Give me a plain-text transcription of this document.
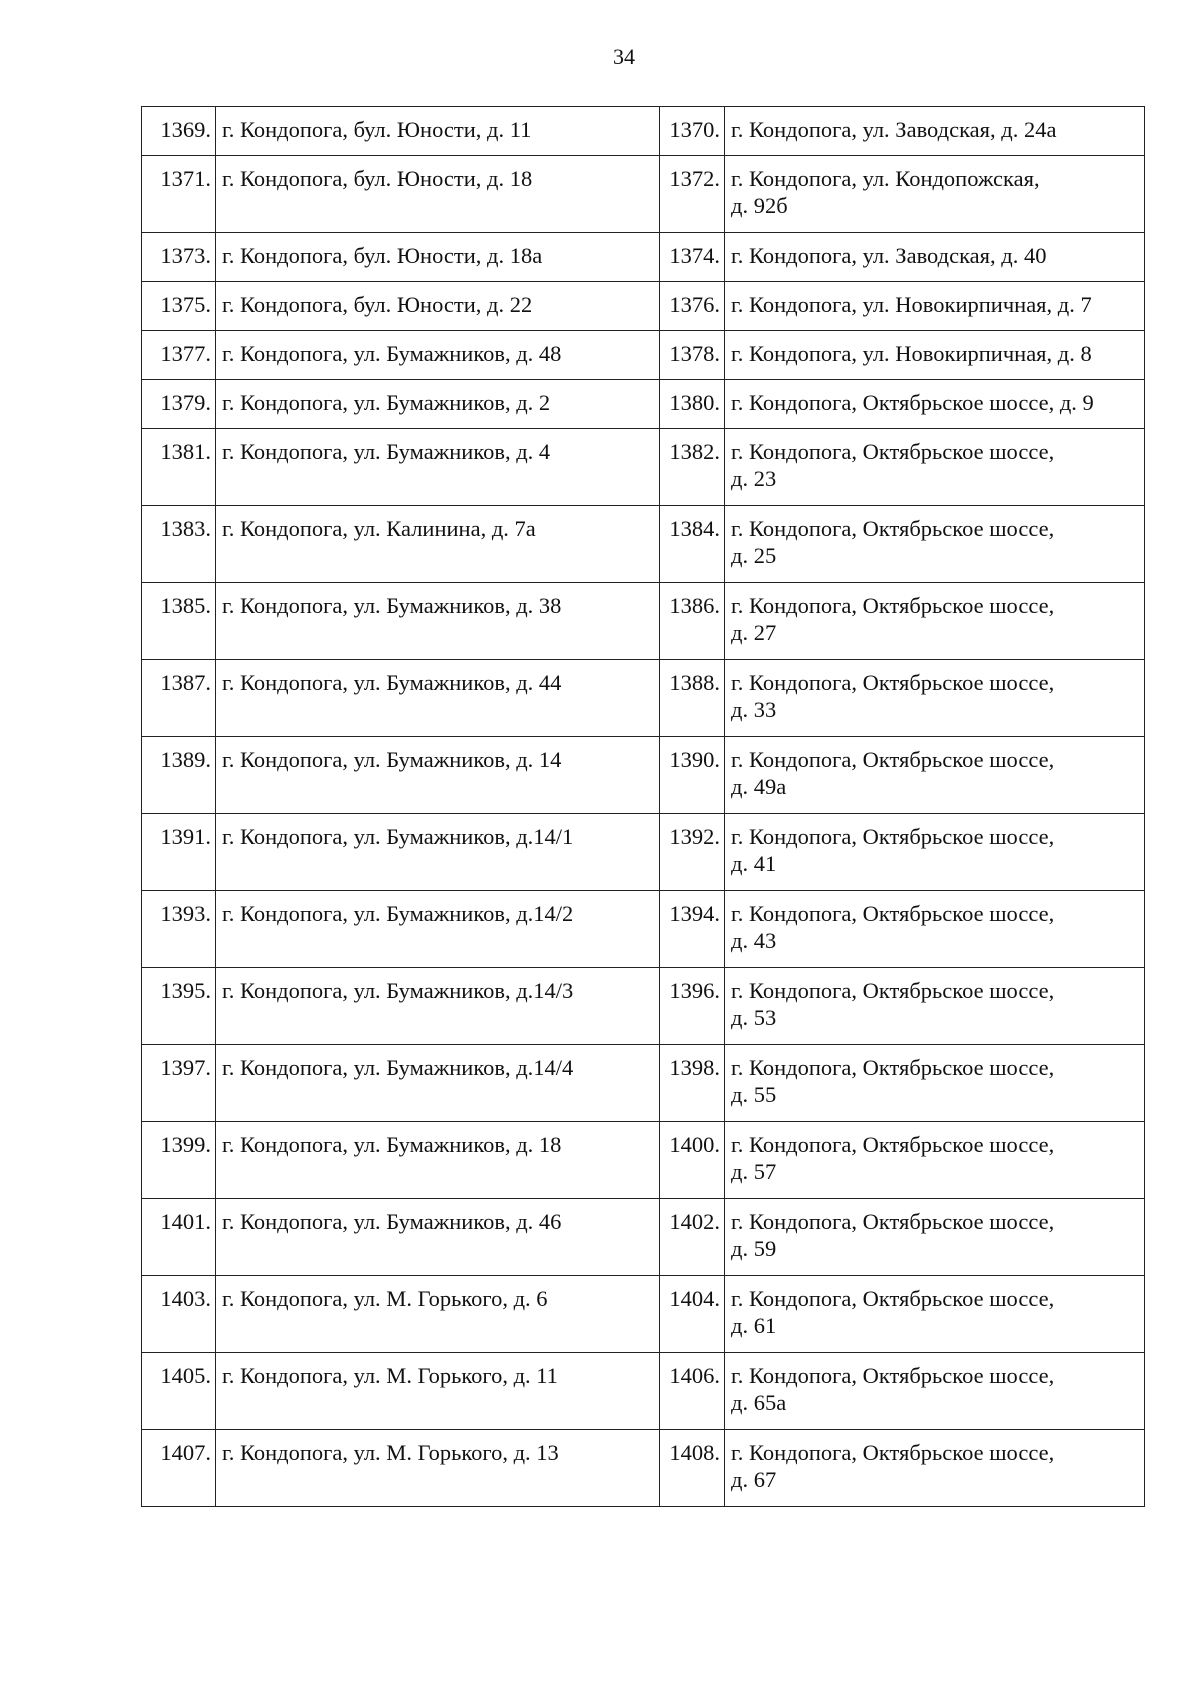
34
1369.	г. Кондопога, бул. Юности, д. 11	1370.	г. Кондопога, ул. Заводская, д. 24а
1371.	г. Кондопога, бул. Юности, д. 18	1372.	г. Кондопога, ул. Кондопожская,
д. 92б
1373.	г. Кондопога, бул. Юности, д. 18а	1374.	г. Кондопога, ул. Заводская, д. 40
1375.	г. Кондопога, бул. Юности, д. 22	1376.	г. Кондопога, ул. Новокирпичная, д. 7
1377.	г. Кондопога, ул. Бумажников, д. 48	1378.	г. Кондопога, ул. Новокирпичная, д. 8
1379.	г. Кондопога, ул. Бумажников, д. 2	1380.	г. Кондопога, Октябрьское шоссе, д. 9
1381.	г. Кондопога, ул. Бумажников, д. 4	1382.	г. Кондопога, Октябрьское шоссе,
д. 23
1383.	г. Кондопога, ул. Калинина, д. 7а	1384.	г. Кондопога, Октябрьское шоссе,
д. 25
1385.	г. Кондопога, ул. Бумажников, д. 38	1386.	г. Кондопога, Октябрьское шоссе,
д. 27
1387.	г. Кондопога, ул. Бумажников, д. 44	1388.	г. Кондопога, Октябрьское шоссе,
д. 33
1389.	г. Кондопога, ул. Бумажников, д. 14	1390.	г. Кондопога, Октябрьское шоссе,
д. 49а
1391.	г. Кондопога, ул. Бумажников, д.14/1	1392.	г. Кондопога, Октябрьское шоссе,
д. 41
1393.	г. Кондопога, ул. Бумажников, д.14/2	1394.	г. Кондопога, Октябрьское шоссе,
д. 43
1395.	г. Кондопога, ул. Бумажников, д.14/3	1396.	г. Кондопога, Октябрьское шоссе,
д. 53
1397.	г. Кондопога, ул. Бумажников, д.14/4	1398.	г. Кондопога, Октябрьское шоссе,
д. 55
1399.	г. Кондопога, ул. Бумажников, д. 18	1400.	г. Кондопога, Октябрьское шоссе,
д. 57
1401.	г. Кондопога, ул. Бумажников, д. 46	1402.	г. Кондопога, Октябрьское шоссе,
д. 59
1403.	г. Кондопога, ул. М. Горького, д. 6	1404.	г. Кондопога, Октябрьское шоссе,
д. 61
1405.	г. Кондопога, ул. М. Горького, д. 11	1406.	г. Кондопога, Октябрьское шоссе,
д. 65а
1407.	г. Кондопога, ул. М. Горького, д. 13	1408.	г. Кондопога, Октябрьское шоссе,
д. 67
